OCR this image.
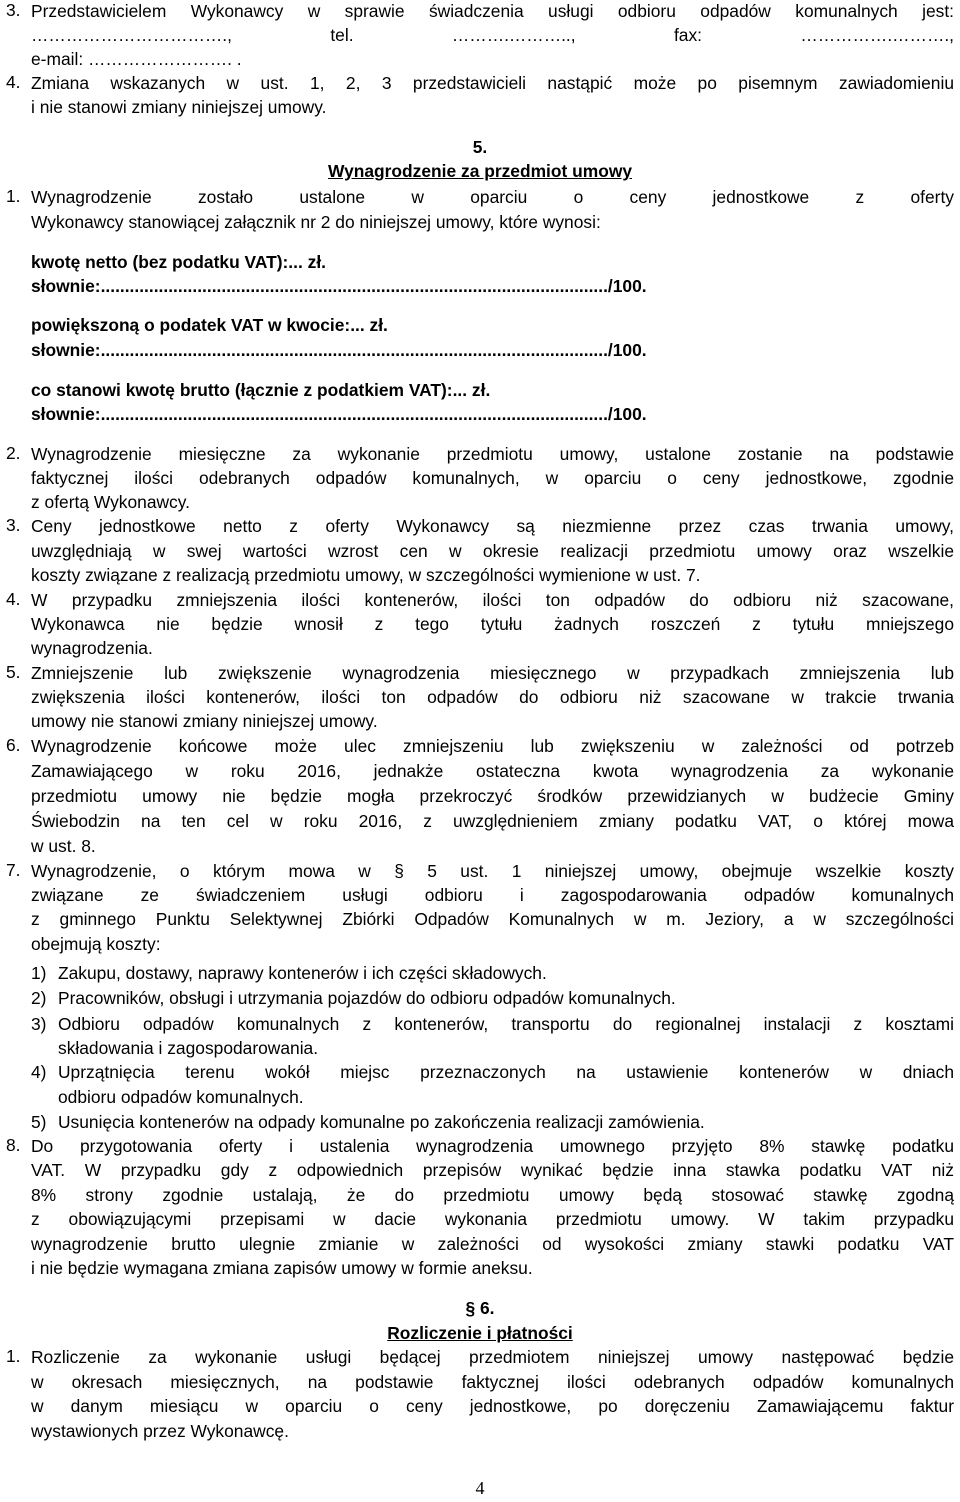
3. Przedstawicielem Wykonawcy w sprawie świadczenia usługi odbioru odpadów komunalnych jest:
……………………………., tel. ……….……….., fax: …………….……….,
e-mail: ……………………. .
4. Zmiana wskazanych w ust. 1, 2, 3 przedstawicieli nastąpić może po pisemnym zawiadomieniu
i nie stanowi zmiany niniejszej umowy.
5.
Wynagrodzenie za przedmiot umowy
1. Wynagrodzenie zostało ustalone w oparciu o ceny jednostkowe z oferty
Wykonawcy stanowiącej załącznik nr 2 do niniejszej umowy, które wynosi:
kwotę netto (bez podatku VAT):... zł.
słownie:........................................................................................................./100.
powiększoną o podatek VAT w kwocie:... zł.
słownie:........................................................................................................./100.
co stanowi kwotę brutto (łącznie z podatkiem VAT):... zł.
słownie:........................................................................................................./100.
2. Wynagrodzenie miesięczne za wykonanie przedmiotu umowy, ustalone zostanie na podstawie
faktycznej ilości odebranych odpadów komunalnych, w oparciu o ceny jednostkowe, zgodnie
z ofertą Wykonawcy.
3. Ceny jednostkowe netto z oferty Wykonawcy są niezmienne przez czas trwania umowy,
uwzględniają w swej wartości wzrost cen w okresie realizacji przedmiotu umowy oraz wszelkie
koszty związane z realizacją przedmiotu umowy, w szczególności wymienione w ust. 7.
4. W przypadku zmniejszenia ilości kontenerów, ilości ton odpadów do odbioru niż szacowane,
Wykonawca nie będzie wnosił z tego tytułu żadnych roszczeń z tytułu mniejszego
wynagrodzenia.
5. Zmniejszenie lub zwiększenie wynagrodzenia miesięcznego w przypadkach zmniejszenia lub
zwiększenia ilości kontenerów, ilości ton odpadów do odbioru niż szacowane w trakcie trwania
umowy nie stanowi zmiany niniejszej umowy.
6. Wynagrodzenie końcowe może ulec zmniejszeniu lub zwiększeniu w zależności od potrzeb
Zamawiającego w roku 2016, jednakże ostateczna kwota wynagrodzenia za wykonanie
przedmiotu umowy nie będzie mogła przekroczyć środków przewidzianych w budżecie Gminy
Świebodzin na ten cel w roku 2016, z uwzględnieniem zmiany podatku VAT, o której mowa
w ust. 8.
7. Wynagrodzenie, o którym mowa w § 5 ust. 1 niniejszej umowy, obejmuje wszelkie koszty
związane ze świadczeniem usługi odbioru i zagospodarowania odpadów komunalnych
z gminnego Punktu Selektywnej Zbiórki Odpadów Komunalnych w m. Jeziory, a w szczególności
obejmują koszty:
1) Zakupu, dostawy, naprawy kontenerów i ich części składowych.
2) Pracowników, obsługi i utrzymania pojazdów do odbioru odpadów komunalnych.
3) Odbioru odpadów komunalnych z kontenerów, transportu do regionalnej instalacji z kosztami
składowania i zagospodarowania.
4) Uprzątnięcia terenu wokół miejsc przeznaczonych na ustawienie kontenerów w dniach
odbioru odpadów komunalnych.
5) Usunięcia kontenerów na odpady komunalne po zakończenia realizacji zamówienia.
8. Do przygotowania oferty i ustalenia wynagrodzenia umownego przyjęto 8% stawkę podatku
VAT. W przypadku gdy z odpowiednich przepisów wynikać będzie inna stawka podatku VAT niż
8% strony zgodnie ustalają, że do przedmiotu umowy będą stosować stawkę zgodną
z obowiązującymi przepisami w dacie wykonania przedmiotu umowy. W takim przypadku
wynagrodzenie brutto ulegnie zmianie w zależności od wysokości zmiany stawki podatku VAT
i nie będzie wymagana zmiana zapisów umowy w formie aneksu.
§ 6.
Rozliczenie i płatności
1. Rozliczenie za wykonanie usługi będącej przedmiotem niniejszej umowy następować będzie
w okresach miesięcznych, na podstawie faktycznej ilości odebranych odpadów komunalnych
w danym miesiącu w oparciu o ceny jednostkowe, po doręczeniu Zamawiającemu faktur
wystawionych przez Wykonawcę.
4
